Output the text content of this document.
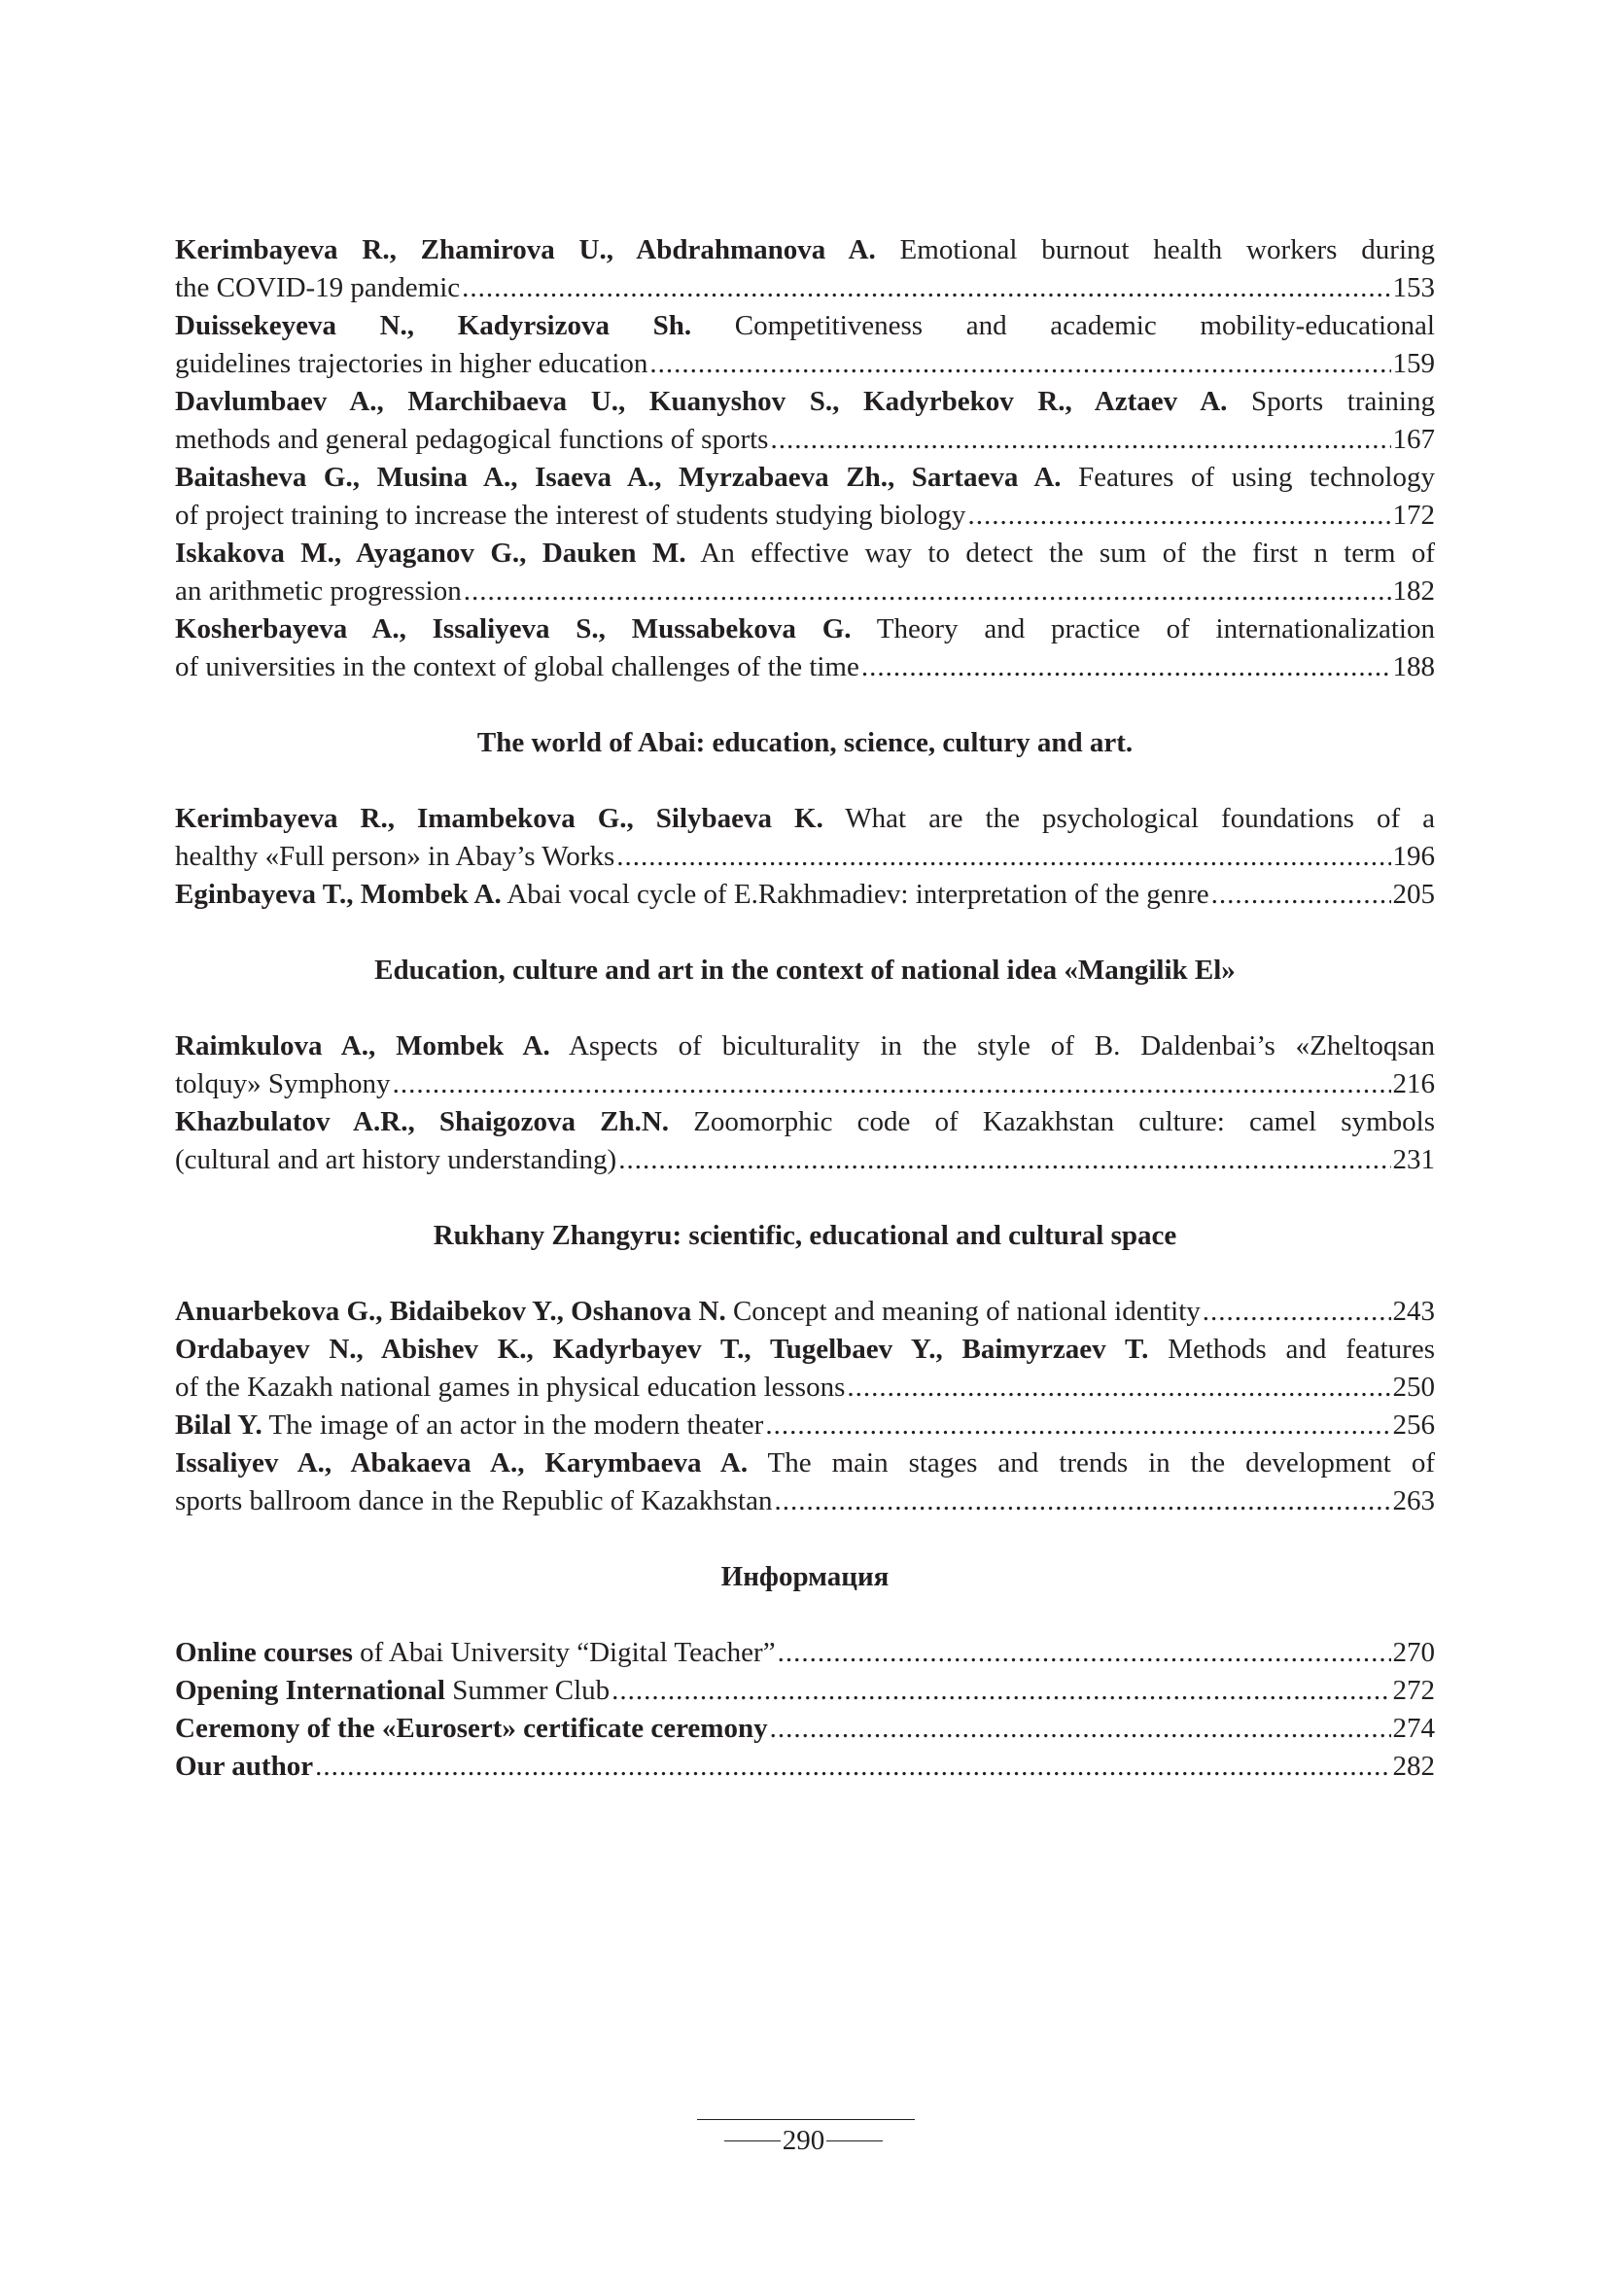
Kerimbayeva R., Zhamirova U., Abdrahmanova A. Emotional burnout health workers during
the COVID-19 pandemic .....	153
Duissekeyeva N., Kadyrsizova Sh. Competitiveness and academic mobility-educational
guidelines trajectories in higher education .....	159
Davlumbaev A., Marchibaeva U., Kuanyshov S., Kadyrbekov R., Aztaev A. Sports training
methods and general pedagogical functions of sports .....	167
Baitasheva G., Musina A., Isaeva A., Myrzabaeva Zh., Sartaeva A. Features of using technology
of project training to increase the interest of students studying biology .....	172
Iskakova M., Ayaganov G., Dauken M. An effective way to detect the sum of the first n term of
an arithmetic progression .....	182
Kosherbayeva A., Issaliyeva S., Mussabekova G. Theory and practice of internationalization
of universities in the context of global challenges of the time .....	188
The world of Abai: education, science, cultury and art.
Kerimbayeva R., Imambekova G., Silybaeva K. What are the psychological foundations of a
healthy «Full person» in Abay’s Works .....	196
Eginbayeva T., Mombek A. Abai vocal cycle of E.Rakhmadiev: interpretation of the genre .....	205
Education, culture and art in the context of national idea «Mangilik El»
Raimkulova A., Mombek A. Aspects of biculturality in the style of B. Daldenbai’s «Zheltoqsan
tolquy» Symphony .....	216
Khazbulatov A.R., Shaigozova Zh.N. Zoomorphic code of Kazakhstan culture: camel symbols
(cultural and art history understanding) .....	231
Rukhany Zhangyru: scientific, educational and cultural space
Anuarbekova G., Bidaibekov Y., Oshanova N. Concept and meaning of national identity .....	243
Ordabayev N., Abishev K., Kadyrbayev T., Tugelbaev Y., Baimyrzaev T. Methods and features
of the Kazakh national games in physical education lessons .....	250
Bilal Y. The image of an actor in the modern theater .....	256
Issaliyev A., Abakaeva A., Karymbaeva A. The main stages and trends in the development of
sports ballroom dance in the Republic of Kazakhstan .....	263
Информация
Online courses of Abai University “Digital Teacher” .....	270
Opening International Summer Club .....	272
Ceremony of the «Eurosert» certificate ceremony .....	274
Our author .....	282
290
